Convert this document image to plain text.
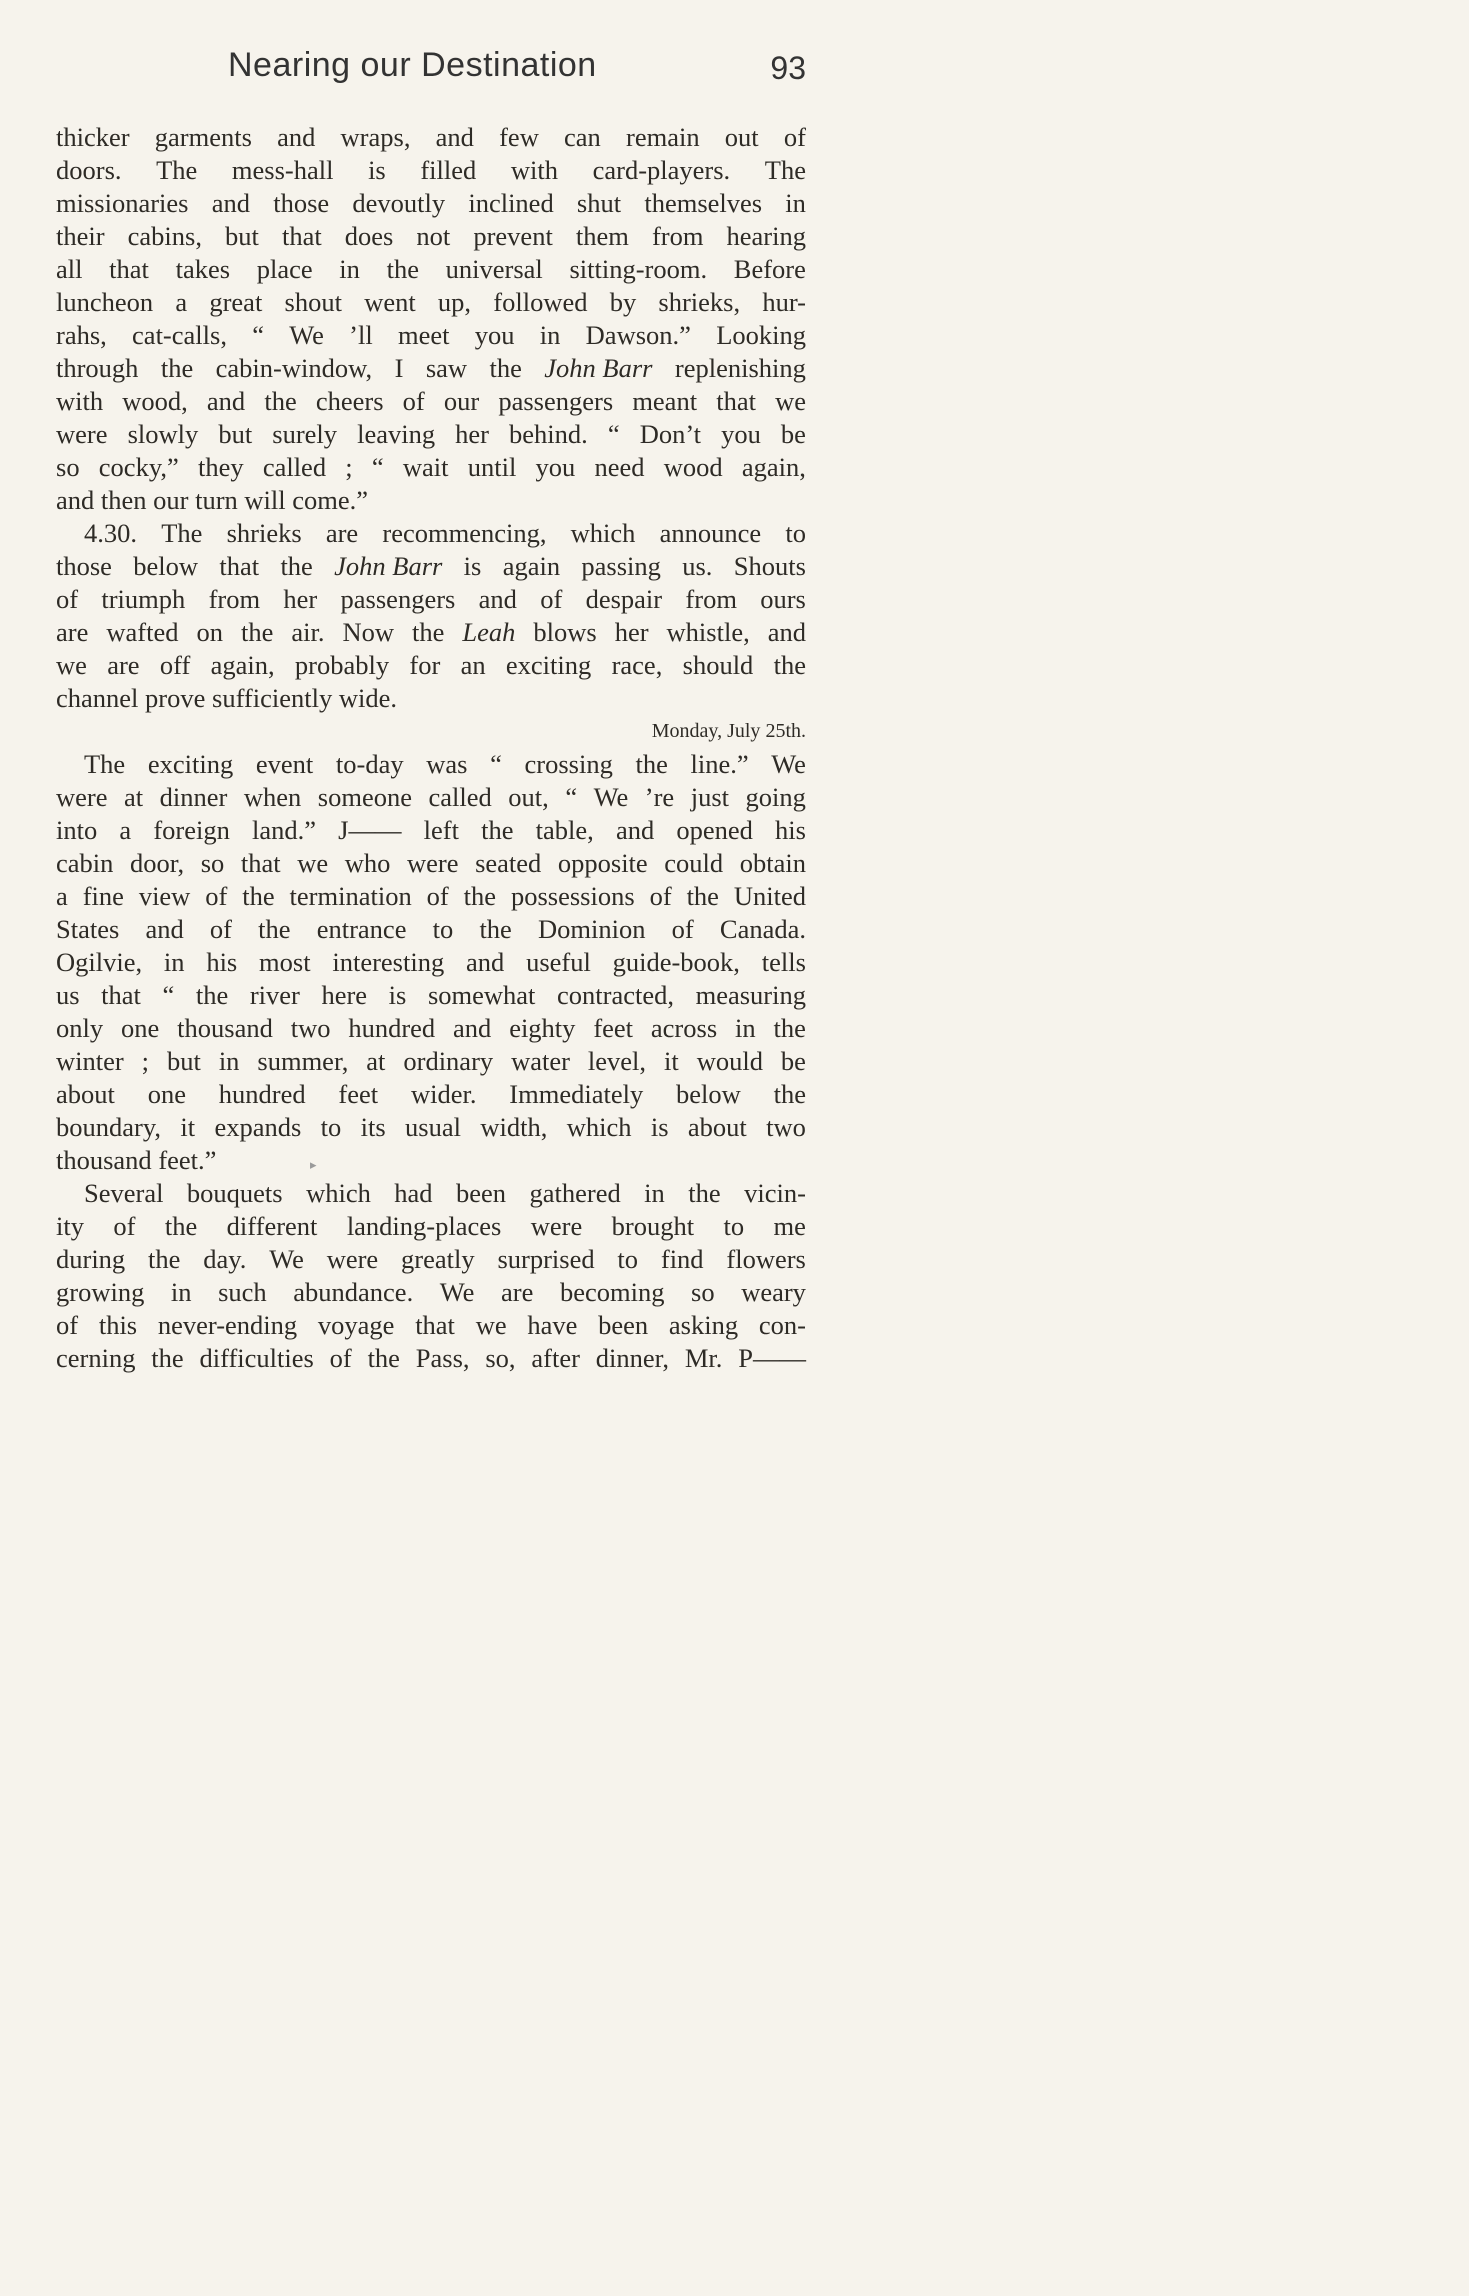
Nearing our Destination	93
thicker garments and wraps, and few can remain out of
doors. The mess-hall is filled with card-players. The
missionaries and those devoutly inclined shut themselves in
their cabins, but that does not prevent them from hearing
all that takes place in the universal sitting-room. Before
luncheon a great shout went up, followed by shrieks, hur-
rahs, cat-calls, “ We ’ll meet you in Dawson.” Looking
through the cabin-window, I saw the John Barr replenishing
with wood, and the cheers of our passengers meant that we
were slowly but surely leaving her behind. “ Don’t you be
so cocky,” they called ; “ wait until you need wood again,
and then our turn will come.”
4.30. The shrieks are recommencing, which announce to
those below that the John Barr is again passing us. Shouts
of triumph from her passengers and of despair from ours
are wafted on the air. Now the Leah blows her whistle, and
we are off again, probably for an exciting race, should the
channel prove sufficiently wide.
Monday, July 25th.
The exciting event to-day was “ crossing the line.” We
were at dinner when someone called out, “ We ’re just going
into a foreign land.” J—— left the table, and opened his
cabin door, so that we who were seated opposite could obtain
a fine view of the termination of the possessions of the United
States and of the entrance to the Dominion of Canada.
Ogilvie, in his most interesting and useful guide-book, tells
us that “ the river here is somewhat contracted, measuring
only one thousand two hundred and eighty feet across in the
winter ; but in summer, at ordinary water level, it would be
about one hundred feet wider. Immediately below the
boundary, it expands to its usual width, which is about two
thousand feet.”
Several bouquets which had been gathered in the vicin-
ity of the different landing-places were brought to me
during the day. We were greatly surprised to find flowers
growing in such abundance. We are becoming so weary
of this never-ending voyage that we have been asking con-
cerning the difficulties of the Pass, so, after dinner, Mr. P——
▸
